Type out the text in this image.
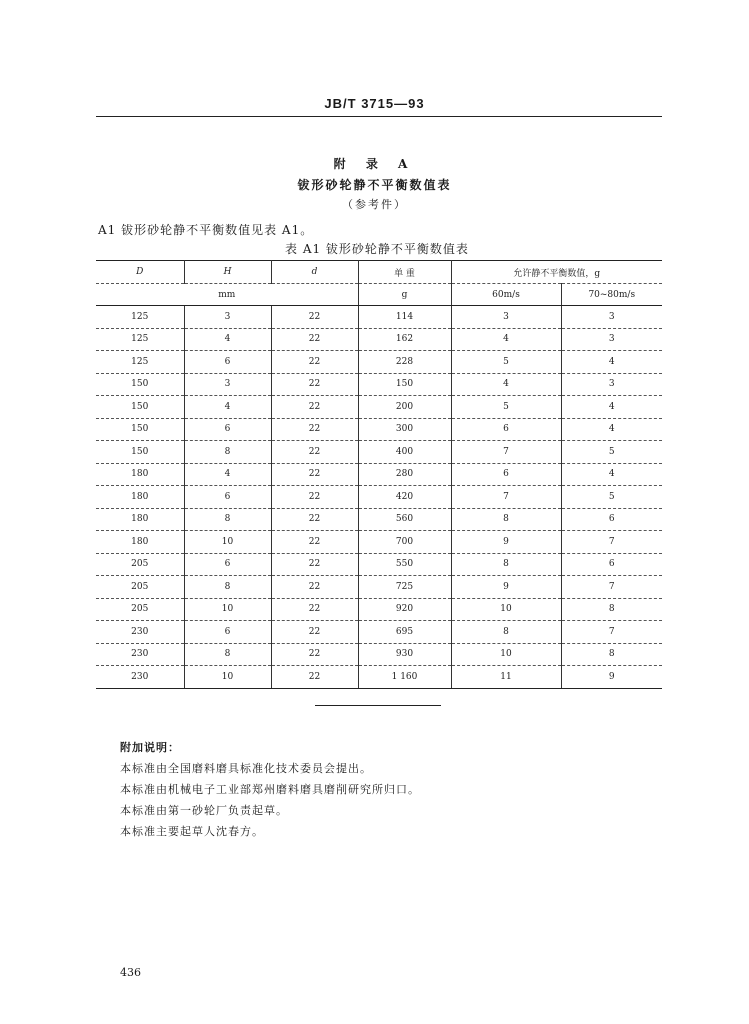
JB/T 3715—93
附 录 A
钹形砂轮静不平衡数值表
（参考件）
A1 钹形砂轮静不平衡数值见表 A1。
表 A1 钹形砂轮静不平衡数值表
D	H	d	单 重	允许静不平衡数值，g	
mm			g	60m/s	70~80m/s
125	3	22	114	3	3
125	4	22	162	4	3
125	6	22	228	5	4
150	3	22	150	4	3
150	4	22	200	5	4
150	6	22	300	6	4
150	8	22	400	7	5
180	4	22	280	6	4
180	6	22	420	7	5
180	8	22	560	8	6
180	10	22	700	9	7
205	6	22	550	8	6
205	8	22	725	9	7
205	10	22	920	10	8
230	6	22	695	8	7
230	8	22	930	10	8
230	10	22	1 160	11	9
附加说明：
本标准由全国磨料磨具标准化技术委员会提出。
本标准由机械电子工业部郑州磨料磨具磨削研究所归口。
本标准由第一砂轮厂负责起草。
本标准主要起草人沈春方。
436
